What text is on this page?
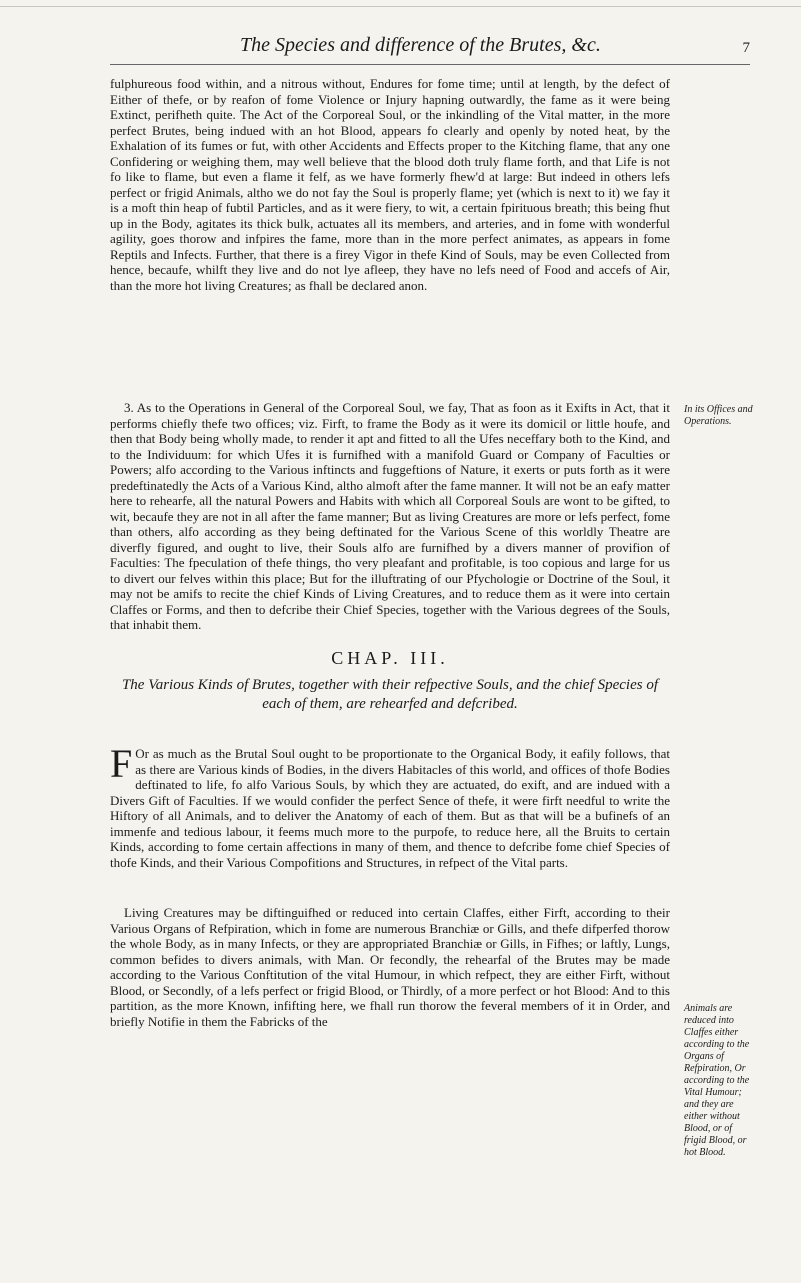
The Species and difference of the Brutes, &c.	7
fulphureous food within, and a nitrous without, Endures for fome time; until at length, by the defect of Either of thefe, or by reafon of fome Violence or Injury hapning outwardly, the fame as it were being Extinct, perifheth quite. The Act of the Corporeal Soul, or the inkindling of the Vital matter, in the more perfect Brutes, being indued with an hot Blood, appears fo clearly and openly by noted heat, by the Exhalation of its fumes or fut, with other Accidents and Effects proper to the Kitching flame, that any one Confidering or weighing them, may well believe that the blood doth truly flame forth, and that Life is not fo like to flame, but even a flame it felf, as we have formerly fhew'd at large: But indeed in others lefs perfect or frigid Animals, altho we do not fay the Soul is properly flame; yet (which is next to it) we fay it is a moft thin heap of fubtil Particles, and as it were fiery, to wit, a certain fpirituous breath; this being fhut up in the Body, agitates its thick bulk, actuates all its members, and arteries, and in fome with wonderful agility, goes thorow and infpires the fame, more than in the more perfect animates, as appears in fome Reptils and Infects. Further, that there is a firey Vigor in thefe Kind of Souls, may be even Collected from hence, becaufe, whilft they live and do not lye afleep, they have no lefs need of Food and accefs of Air, than the more hot living Creatures; as fhall be declared anon.
3. As to the Operations in General of the Corporeal Soul, we fay, That as foon as it Exifts in Act, that it performs chiefly thefe two offices; viz. Firft, to frame the Body as it were its domicil or little houfe, and then that Body being wholly made, to render it apt and fitted to all the Ufes neceffary both to the Kind, and to the Individuum: for which Ufes it is furnifhed with a manifold Guard or Company of Faculties or Powers; alfo according to the Various inftincts and fuggeftions of Nature, it exerts or puts forth as it were predeftinatedly the Acts of a Various Kind, altho almoft after the fame manner. It will not be an eafy matter here to rehearfe, all the natural Powers and Habits with which all Corporeal Souls are wont to be gifted, to wit, becaufe they are not in all after the fame manner; But as living Creatures are more or lefs perfect, fome than others, alfo according as they being deftinated for the Various Scene of this worldly Theatre are diverfly figured, and ought to live, their Souls alfo are furnifhed by a divers manner of provifion of Faculties: The fpeculation of thefe things, tho very pleafant and profitable, is too copious and large for us to divert our felves within this place; But for the illuftrating of our Pfychologie or Doctrine of the Soul, it may not be amifs to recite the chief Kinds of Living Creatures, and to reduce them as it were into certain Claffes or Forms, and then to defcribe their Chief Species, together with the Various degrees of the Souls, that inhabit them.
CHAP. III.
The Various Kinds of Brutes, together with their refpective Souls, and the chief Species of each of them, are rehearfed and defcribed.
F Or as much as the Brutal Soul ought to be proportionate to the Organical Body, it eafily follows, that as there are Various kinds of Bodies, in the divers Habitacles of this world, and offices of thofe Bodies deftinated to life, fo alfo Various Souls, by which they are actuated, do exift, and are indued with a Divers Gift of Faculties. If we would confider the perfect Sence of thefe, it were firft needful to write the Hiftory of all Animals, and to deliver the Anatomy of each of them. But as that will be a bufinefs of an immenfe and tedious labour, it feems much more to the purpofe, to reduce here, all the Bruits to certain Kinds, according to fome certain affections in many of them, and thence to defcribe fome chief Species of thofe Kinds, and their Various Compofitions and Structures, in refpect of the Vital parts.
Living Creatures may be diftinguifhed or reduced into certain Claffes, either Firft, according to their Various Organs of Refpiration, which in fome are numerous Branchiæ or Gills, and thefe difperfed thorow the whole Body, as in many Infects, or they are appropriated Branchiæ or Gills, in Fifhes; or laftly, Lungs, common befides to divers animals, with Man. Or fecondly, the rehearfal of the Brutes may be made according to the Various Conftitution of the vital Humour, in which refpect, they are either Firft, without Blood, or Secondly, of a lefs perfect or frigid Blood, or Thirdly, of a more perfect or hot Blood: And to this partition, as the more Known, infifting here, we fhall run thorow the feveral members of it in Order, and briefly Notifie in them the Fabricks of the
In its Offices and Operations.
Animals are reduced into Claffes either according to the Organs of Refpiration, Or according to the Vital Humour; and they are either without Blood, or of frigid Blood, or hot Blood.
